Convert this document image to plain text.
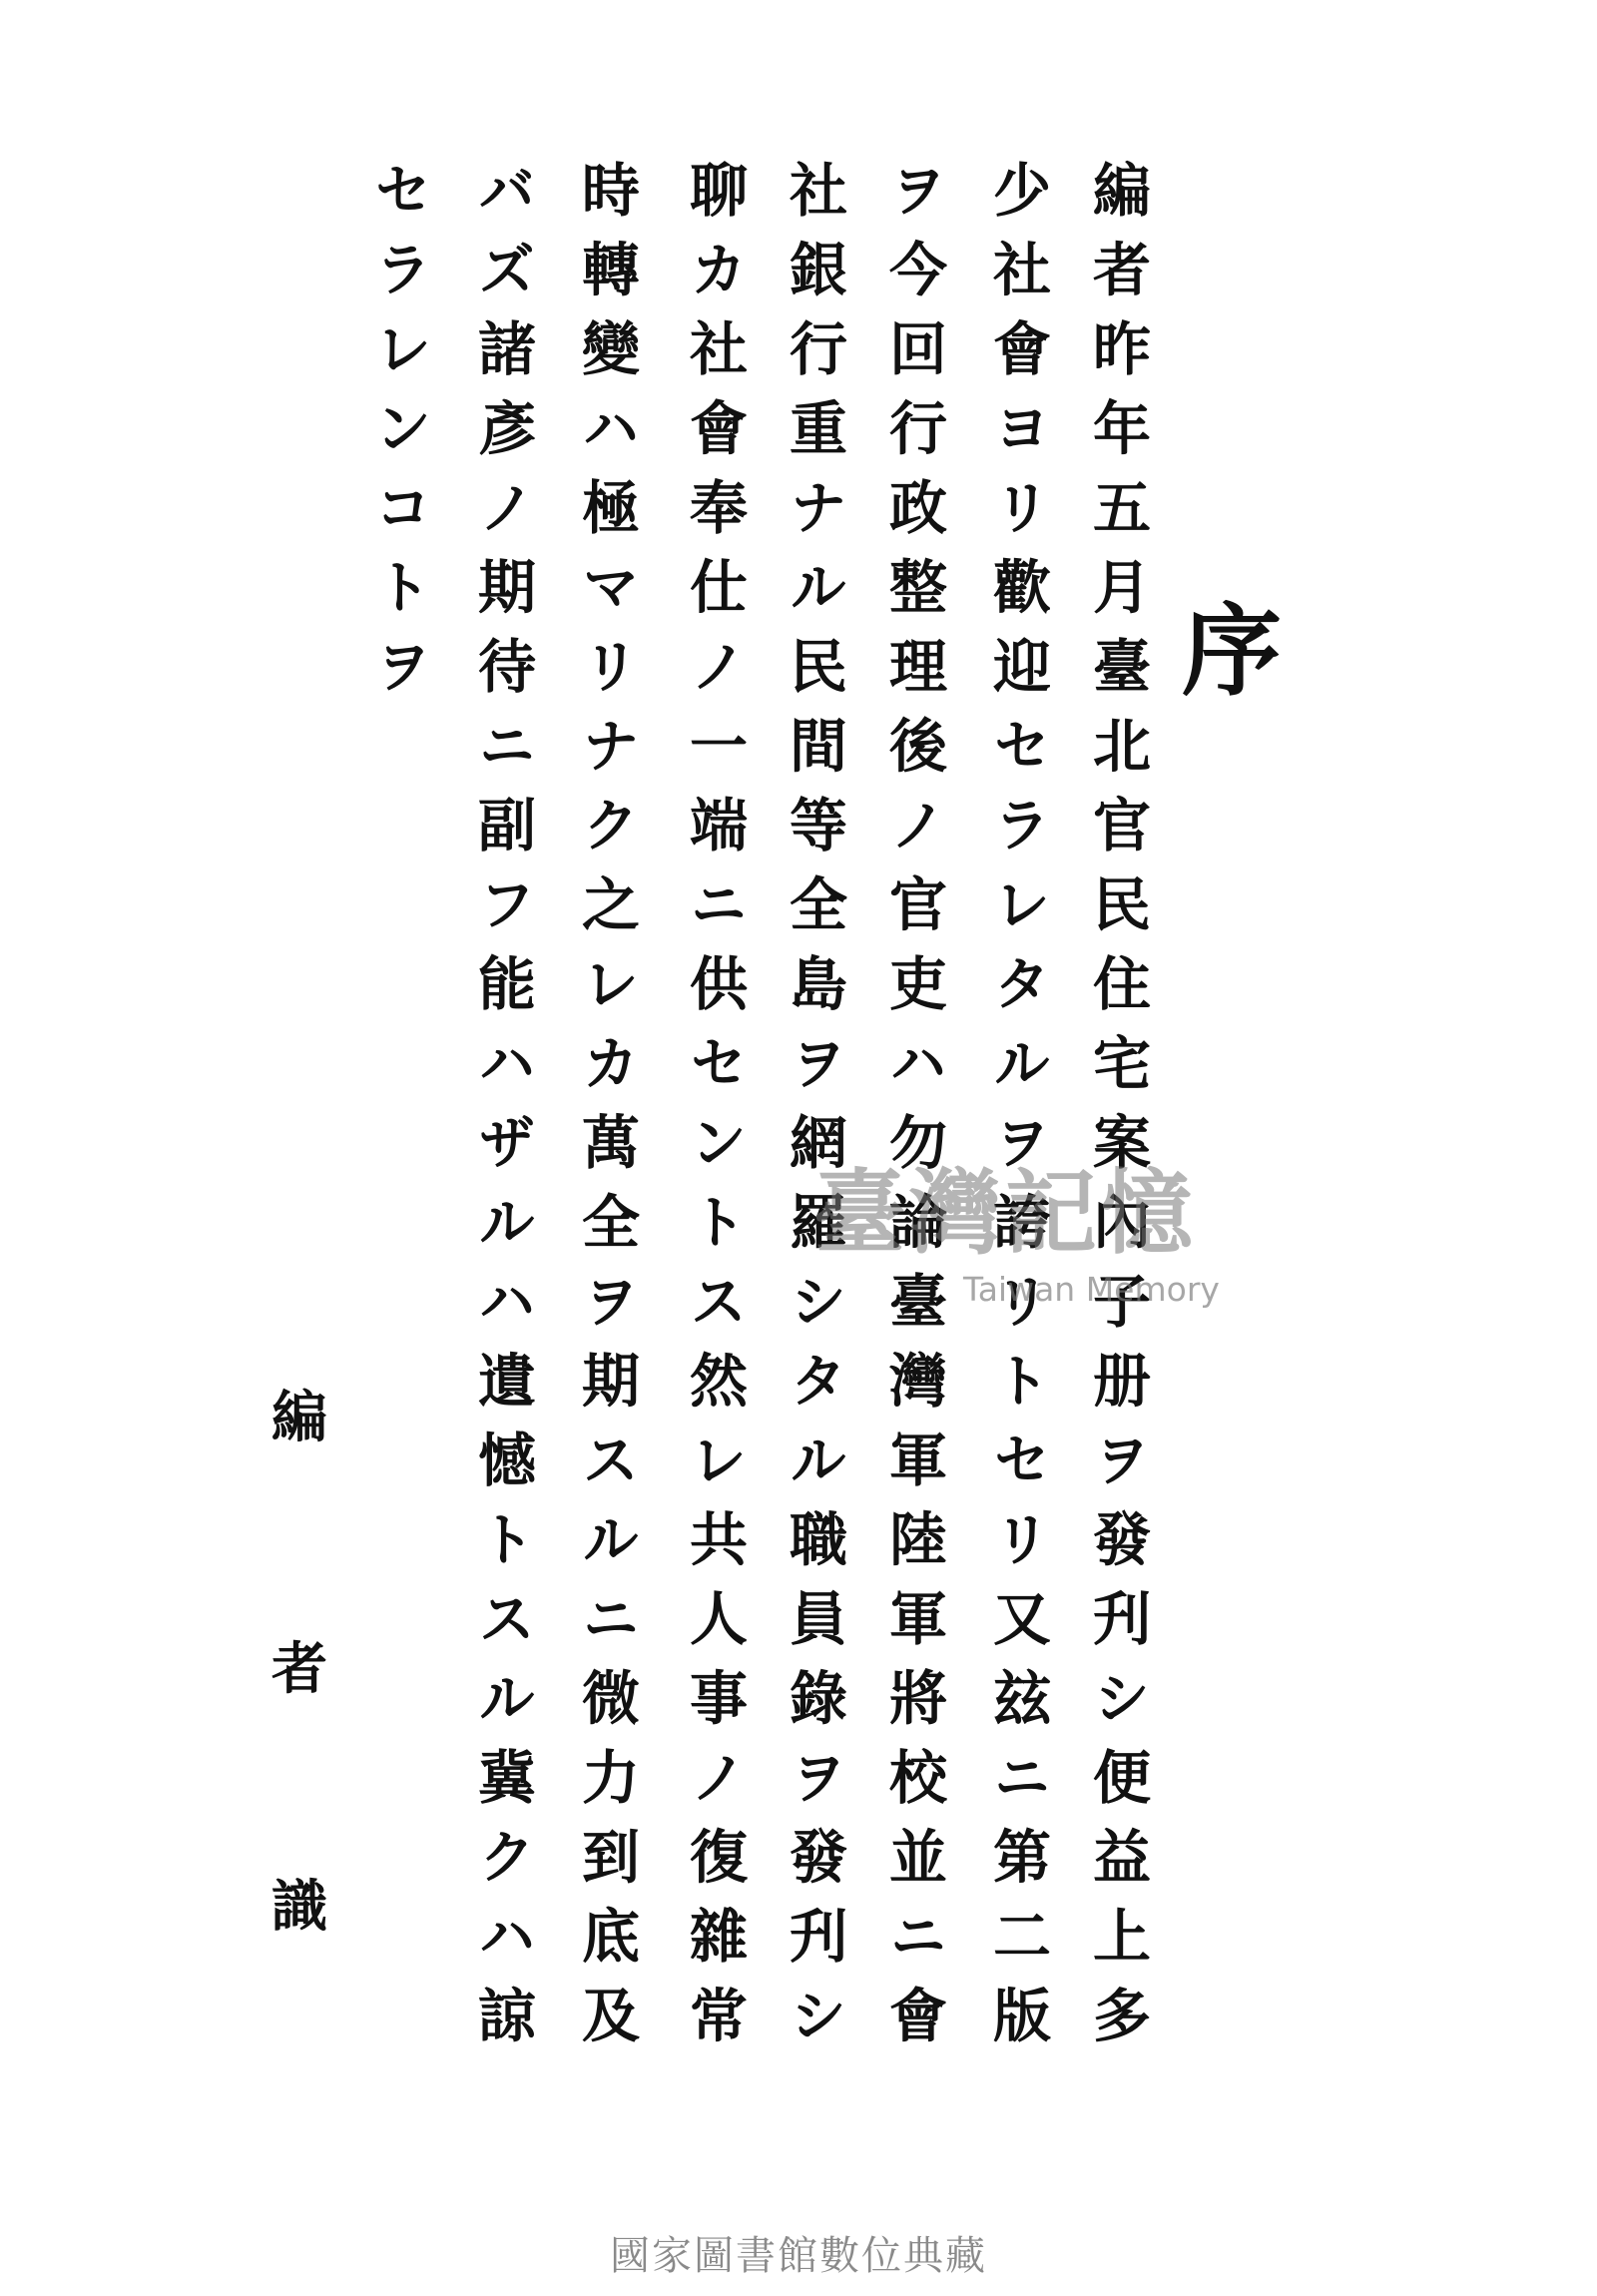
序
編者昨年五月臺北官民住宅案內子册ヲ發刋シ便益上多
少社會ヨリ歡迎セラレタルヲ誇リトセリ又玆ニ第二版
ヲ今回行政整理後ノ官吏ハ勿論臺灣軍陸軍將校並ニ會
社銀行重ナル民間等全島ヲ網羅シタル職員錄ヲ發刋シ
聊カ社會奉仕ノ一端ニ供セントス然レ共人事ノ復雜常
時轉變ハ極マリナク之レカ萬全ヲ期スルニ微力到底及
バズ諸彥ノ期待ニ副フ能ハザルハ遺憾トスル冀クハ諒
セラレンコトヲ
編
者
識
臺灣記憶
Taiwan Memory
國家圖書館數位典藏
